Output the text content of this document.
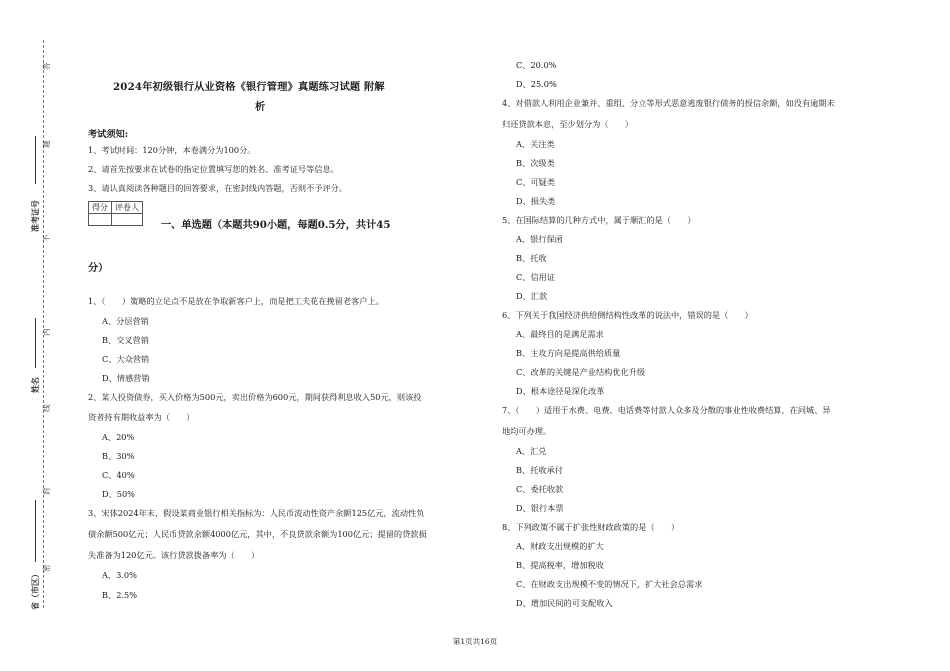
答
题
不
内
线
封
密
准考证号
姓名
省（市区）
2024年初级银行从业资格《银行管理》真题练习试题 附解
析
考试须知:
1、考试时间：120分钟，本卷满分为100分。
2、请首先按要求在试卷的指定位置填写您的姓名、准考证号等信息。
3、请认真阅读各种题目的回答要求，在密封线内答题，否则不予评分。
得分	评卷人

一、单选题（本题共90小题，每题0.5分，共计45
分）
1、（　　）策略的立足点不是放在争取新客户上，而是把工夫花在挽留老客户上。
A、分层营销
B、交叉营销
C、大众营销
D、情感营销
2、某人投资债券，买入价格为500元，卖出价格为600元，期间获得利息收入50元，则该投
资者持有期收益率为（　　）
A、20%
B、30%
C、40%
D、50%
3、宋体2024年末，假设某商业银行相关指标为：人民币流动性资产余额125亿元，流动性负
债余额500亿元；人民币贷款余额4000亿元，其中，不良贷款余额为100亿元；提留的贷款损
失准备为120亿元。该行贷款拨备率为（　　）
A、3.0%
B、2.5%
C、20.0%
D、25.0%
4、对借款人利用企业兼并、重组、分立等形式恶意逃废银行债务的授信余额，如没有逾期未
归还贷款本息，至少划分为（　　）
A、关注类
B、次级类
C、可疑类
D、损失类
5、在国际结算的几种方式中，属于顺汇的是（　　）
A、银行保函
B、托收
C、信用证
D、汇款
6、下列关于我国经济供给侧结构性改革的说法中，错误的是（　　）
A、最终目的是满足需求
B、主攻方向是提高供给质量
C、改革的关键是产业结构优化升级
D、根本途径是深化改革
7、（　　）适用于水费、电费、电话费等付款人众多及分散的事业性收费结算，在同城、异
地均可办理。
A、汇兑
B、托收承付
C、委托收款
D、银行本票
8、下列政策不属于扩张性财政政策的是（　　）
A、财政支出规模的扩大
B、提高税率，增加税收
C、在财政支出规模不变的情况下，扩大社会总需求
D、增加民间的可支配收入
第1页共16页
